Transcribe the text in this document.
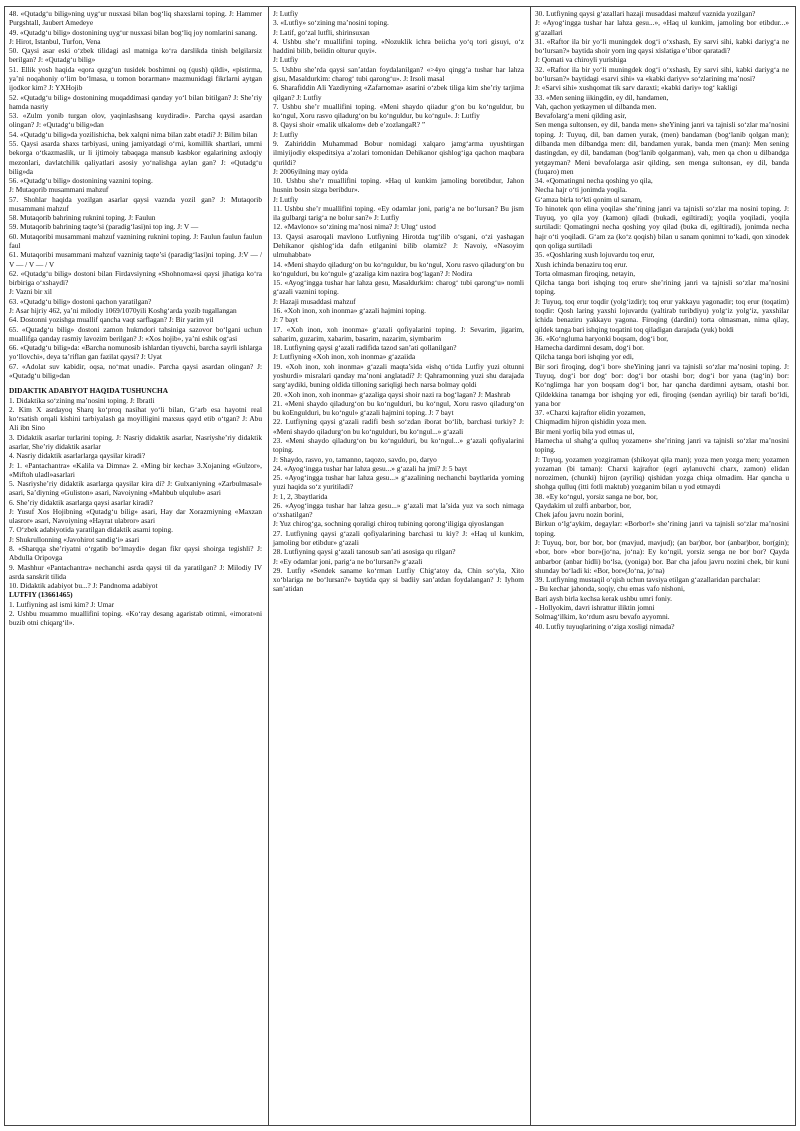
48. «Qutadg‘u bilig»ning uyg‘ur nusxasi bilan bog‘liq shaxslarni toping. J: Hammer Purgshtall, Jaubert Amedeye

49. «Qutadg‘u bilig» dostonining uyg‘ur nusxasi bilan bog‘liq joy nomlarini sanang.

J: Hirot, Istanbul, Turfon, Vena

50. Qaysi asar eski o‘zbek tilidagi asl matniga ko‘ra darslikda tinish belgilarsiz berilgan? J: «Qutadg‘u bilig»

51. Ellik yosh haqida «qora quzg‘un tusidek boshimni oq (qush) qildi», «pistirma, ya’ni noqahoniy o‘lim bo‘lmasa, u tomon borarman» mazmunidagi fikrlarni aytgan ijodkor kim? J: YXHojib

52. «Qutadg‘u bilig» dostonining muqaddimasi qanday yo‘l bilan bitilgan? J: She’riy hamda nasriy

53. «Zulm yonib turgan olov, yaqinlashsang kuydiradi». Parcha qaysi asardan olingan? J: «Qutadg‘u bilig»dan

54. «Qutadg‘u bilig»da yozilishicha, bek xalqni nima bilan zabt etadi? J: Bilim bilan

55. Qaysi asarda shaxs tarbiyasi, uning jamiyatdagi o‘rni, komillik shartlari, umrni bekorga o‘tkazmaslik, ur li ijtimoiy tabaqaga mansub kasbkor egalarining axloqiy mezonlari, davlatchilik qaliyatlari asosiy yo‘nalishga aylan gan? J: «Qutadg‘u bilig»da

56. «Qutadg‘u bilig» dostonining vaznini toping.

J: Mutaqorib musammani mahzuf

57. Shohlar haqida yozilgan asarlar qaysi vaznda yozil gan? J: Mutaqorib musammani mahzuf

58. Mutaqorib bahrining ruknini toping. J: Faulun

59. Mutaqorib bahrining taqte’si (paradig‘lasi)ni top ing. J: V —

60. Mutaqoribi musammani mahzuf vaznining ruknini toping. J: Faulun faulun faulun faul

61. Mutaqoribi musammani mahzuf vazninig taqte’si (paradig‘lasi)ni toping. J:V — / V — / V — / V

62. «Qutadg‘u bilig» dostoni bilan Firdavsiyning «Shohnoma»si qaysi jihatiga ko‘ra birbiriga o‘xshaydi?

J: Vazni bir xil

63. «Qutadg‘u bilig» dostoni qachon yaratilgan?

J: Asar hijriy 462, ya’ni milodiy 1069/1070yili Koshg‘arda yozib tugallangan

64. Dostonni yozishga muallif qancha vaqt sarflagan? J: Bir yarim yil

65. «Qutadg‘u bilig» dostoni zamon hukmdori tahsiniga sazovor bo‘lgani uchun muallifga qanday rasmiy lavozim berilgan? J: «Xos hojib», ya’ni eshik og‘asi

66. «Qutadg‘u bilig»da: «Barcha nomunosib ishlardan tiyuvchi, barcha sayrli ishlarga yo‘llovchi», deya ta’riflan gan fazilat qaysi? J: Uyat

67. «Adolat suv kabidir, oqsa, no‘mat unadi». Parcha qaysi asardan olingan? J: «Qutadg‘u bilig»dan

DIDAKTIK ADABIYOT HAQIDA TUSHUNCHA

1. Didaktika so‘zining ma’nosini toping. J: Ibratli

2. Kim X asrdayoq Sharq ko‘proq nasihat yo‘li bilan, G‘arb esa hayotni real ko‘rsatish orqali kishini tarbiyalash ga moyilligini maxsus qayd etib o‘tgan? J: Abu Ali ibn Sino

3. Didaktik asarlar turlarini toping. J: Nasriy didaktik asarlar, Nasriyshe’riy didaktik asarlar, She’riy didaktik asarlar

4. Nasriy didaktik asarlarlarga qaysilar kiradi?

J: 1. «Pantachantra» «Kalila va Dimna» 2. «Ming bir kecha» 3.Xojaning «Gulzor», «Miftoh uladl»asarlari

5. Nasriyshe’riy didaktik asarlarga qaysilar kira di? J: Gulxaniyning «Zarbulmasal» asari, Sa’diyning «Guliston» asari, Navoiyning «Mahbub ulqulub» asari

6. She’riy didaktik asarlarga qaysi asarlar kiradi?

J: Yusuf Xos Hojibning «Qutadg‘u bilig» asari, Hay dar Xorazmiyning «Maxzan ulasror» asari, Navoiyning «Hayrat ulabror» asari

7. O‘zbek adabiyotida yaratilgan didaktik asarni toping.

J: Shukrullonning «Javohirot sandig‘i» asari

8. «Sharqqa she’riyatni o‘rgatib bo‘lmaydi» degan fikr qaysi shoirga tegishli? J: Abdulla Oripovga

9. Mashhur «Pantachantra» nechanchi asrda qaysi til da yaratilgan? J: Milodiy IV asrda sanskrit tilida

10. Didaktik adabiyot bu...? J: Pandnoma adabiyot

LUTFIY (13661465)

1. Lutfiyning asl ismi kim? J: Umar

2. Ushbu muammo muallifini toping. «Ko‘ray desang agaristab otimni, «imorat»ni buzib otni chiqarg‘il».

J: Lutfiy

3. «Lutfiy» so‘zining ma’nosini toping.

J: Latif, go‘zal lutfli, shirinsuxan

4. Ushbu she’r muallifini toping. «Nozuklik ichra beiicha yo‘q tori gisuyi, o‘z haddini bilib, beiidin olturur quyi».

J: Lutfiy

5. Ushbu she’rda qaysi san’atdan foydalanilgan? «>4yo qingg‘a tushar har lahza gisu, Masaldurkim: charog‘ tubi qarong‘u». J: Irsoli masal

6. Sharafiddin Ali Yazdiyning «Zafarnoma» asarini o‘zbek tiliga kim she’riy tarjima qilgan? J: Lutfiy

7. Ushbu she’r muallifini toping. «Meni shaydo qiiadur g‘on bu ko‘nguldur, bu ko‘ngul, Xoru rasvo qiladurg‘on bu ko‘nguldur, bu ko‘ngul». J: Lutfiy

8. Qaysi shoir «malik ulkalom» deb e’zozlangaR? ”

J: Lutfiy

9. Zahiriddin Muhammad Bobur nomidagi xalqaro jamg‘arma uyushtirgan ilmiyijodiy ekspeditsiya a’zolari tomonidan Dehikanor qishlog‘iga qachon maqbara qurildi?

J: 2006yilning may oyida

10. Ushbu she’r muallifini toping. «Haq ul kunkim jamoling boretibdur, Jahon husnin bosin sizga beribdur».

J: Lutfiy

11. Ushbu she’r muallifini toping. «Ey odamlar joni, parig‘a ne bo‘lursan? Bu jism ila gulbargi tarig‘a ne bolur san?» J: Lutfiy

12. «Mavlono» so‘zining ma’nosi nima? J: Ulug‘ ustod

13. Qaysi asaroqali mavlono Lutfiyning Hirotda tug‘ilib o‘sgani, o‘zi yashagan Dehikanor qishlog‘ida dafn etilganini bilib olamiz? J: Navoiy, «Nasoyim ulmuhabbat»

14. «Meni shaydo qiladurg‘on bu ko‘nguldur, bu ko‘ngul, Xoru rasvo qiladurg‘on bu ko‘ngulduri, bu ko‘ngul» g‘azaliga kim nazira bog‘lagan? J: Nodira

15. «Ayog‘ingga tushar har lahza gesu, Masaldurkim: charog‘ tubi qarong‘u» nomli g‘azali vaznini toping.

J: Hazaji musaddasi mahzuf

16. «Xoh inon, xoh inonma» g‘azali hajmini toping.

J: 7 bayt

17. «Xoh inon, xoh inonma» g‘azali qofiyalarini toping. J: Sevarim, jigarim, saharim, guzarim, xabarim, basarim, nazarim, siymbarim

18. Lutfiyning qaysi g‘azali radifida tazod san’ati qollanilgan?

J: Lutfiyning «Xoh inon, xoh inonma» g‘azaiida

19. «Xoh inon, xoh inonma» g‘azali maqta’sida «ishq o‘tida Lutfiy yuzi oltunni yoshurdi» misralari qanday ma’noni anglatadi? J: Qahramonning yuzi shu darajada sarg‘aydiki, buning oldida tilloning sariqligi hech narsa bolmay qoldi

20. «Xoh inon, xoh inonma» g‘azaliga qaysi shoir nazi ra bog‘lagan? J: Mashrab

21. «Meni shaydo qiladurg‘on bu ko‘ngulduri, bu ko‘ngul, Xoru rasvo qiladurg‘on bu koЕngulduri, bu ko‘ngul» g‘azali hajmini toping. J: 7 bayt

22. Lutfiyning qaysi g‘azali radifi besh so‘zdan iborat bo‘lib, barchasi turkiy? J: «Meni shaydo qiladurg‘on bu ko‘ngulduri, bu ko‘ngul...» g‘azali

23. «Meni shaydo qiladurg‘on bu ko‘ngulduri, bu ko‘ngul...» g‘azali qofiyalarini toping.

J: Shaydo, rasvo, yo, tamanno, taqozo, savdo, po, daryo

24. «Ayog‘ingga tushar har lahza gesu...» g‘azali ha jmi? J: 5 bayt

25. «Ayog‘ingga tushar har lahza gesu...» g‘azalining nechanchi baytlarida yorning yuzi haqida so‘z yuritiladi?

J: 1, 2, 3baytlarida

26. «Ayog‘ingga tushar har lahza gesu...» g‘azali mat la’sida yuz va soch nimaga o‘xshatilgan?

J: Yuz chirog‘ga, sochning qoraligi chiroq tubining qorong‘iligiga qiyoslangan

27. Lutfiyning qaysi g‘azali qofiyalarining barchasi tu kiy? J: «Haq ul kunkim, jamoling bor etibdur» g‘azali

28. Lutfiyning qaysi g‘azali tanosub san’ati asosiga qu rilgan?

J: «Ey odamlar joni, parig‘a ne bo‘lursan?» g‘azali

29. Lutfiy «Sendek saname ko‘rman Lutfiy Chig‘atoy da, Chin so‘yla, Xito xo‘blariga ne bo‘lursan?» baytida qay si badiiy san’atdan foydalangan? J: Iyhom san’atidan

30. Lutfiyning qaysi g‘azallari hazaji musaddasi mahzuf vaznida yozilgan?

J: «Ayog‘ingga tushar har lahza gesu...», «Haq ul kunkim, jamoling bor etibdur...» g‘azallari

31. «Raftor ila bir yo‘li muningdek dog‘i o‘xshash, Ey sarvi sihi, kabki dariyg‘a ne bo‘lursan?» baytida shoir yorn ing qaysi xislatiga e’tibor qaratadi?

J: Qomati va chiroyli yurishiga

32. «Raftor ila bir yo‘li muningdek dog‘i o‘xshash, Ey sarvi sihi, kabki dariyg‘a ne bo‘lursan?» baytidagi «sarvi sihi» va «kabki dariyv» so‘zlarining ma’nosi?

J: «Sarvi sihi» xushqomat tik sarv daraxti; «kabki dariy» tog‘ kakligi

33. «Men sening iikingdin, ey dil, handamen,

Vah, qachon yetkaymen ul dilbanda men.

Bevafolarg‘a meni qilding asir,

Sen menga sultonsen, ey dil, banda men» sheYining janri va tajnisli so‘zlar ma’nosini toping. J: Tuyuq, dil, ban damen yurak, (men) bandaman (bog‘lanib qolgan man); dilbanda men dilbandga men: dil, bandamen yurak, banda men (man): Men sening dastingdan, ey dil, bandaman (bog‘lanib qolganman), vah, men qa chon u dilbandga yetgayman? Meni bevafolarga asir qilding, sen menga sultonsan, ey dil, banda (fuqaro) men

34. «Qomatingni necha qoshing yo qila,

Necha hajr o‘ti jonimda yoqila.

G‘amza birla to‘kti qonim ul sanam,

To hinotek qon elina yoqila» she’rining janri va tajnisli so‘zlar ma nosini toping. J: Tuyuq, yo qila yoy (kamon) qiladi (bukadi, egiltiradi); yoqila yoqiladi, yoqila surtiladi: Qomatingni necha qoshing yoy qilad (buka di, egiltiradi), jonimda necha hajr o‘ti yoqiladi. G‘am za (ko‘z qoqish) bilan u sanam qonimni to‘kadi, qon xinodek qon qoliga surtiladi

35. «Qoshlaring xush lojuvardu toq erur,

Xush ichinda benaziru toq erur.

Torta olmasman firoqing, netayin,

Qilcha tanga bori ishqing toq erur» she’rining janri va tajnisli so‘zlar ma’nosini toping.

J: Tuyuq, toq erur toqdir (yolg‘izdir); toq erur yakkayu yagonadir; toq erur (toqatim) toqdir: Qosh laring yaxshi lojuvardu (yaltirab turibdiyu) yolg‘iz yolg‘iz, yaxshilar ichida benaziru yakkayu yagona. Firoqing (dardini) torta olmasman, nima qilay, qildek tanga bari ishqing toqatini toq qiladigan darajada (yuk) boldi

36. «Ko‘ngluma haryonki boqsam, dog‘i bor,

Hamecha dardimni desam, dog‘i bor.

Qilcha tanga bori ishqing yor edi,

Bir sori firoqing, dog‘i bor» sheYining janri va tajnisli so‘zlar ma’nosini toping. J: Tuyuq, dog‘i bor dog‘ bor: dog‘i bor otashi bor; dog‘i bor yana (tag‘in) bor: Ko‘nglimga har yon boqsam dog‘i bor, har qancha dardimni aytsam, otashi bor. Qildekkina tanamga bor ishqing yor edi, firoqing (sendan ayriliq) bir tarafi bo‘ldi, yana bor

37. «Charxi kajraftor elidin yozamen,

Chiqmadim hijron qishidin yoza men.

Bir meni yorliq bila yod etmas ul,

Hamecha ul shahg‘a qulluq yozamen» she’rining janri va tajnisli so‘zlar ma’nosini toping.

J: Tuyuq, yozamen yozgiraman (shikoyat qila man); yoza men yozga men; yozamen yozaman (bi taman): Charxi kajraftor (egri aylanuvchi charx, zamon) elidan norozimen, (chunki) hijron (ayriliq) qishidan yozga chiqa olmadim. Har qancha u shohga qulluq (itti fotli maktub) yozganim bilan u yod etmaydi

38. «Ey ko‘ngul, yorsiz sanga ne bor, bor,

Qaydakim ul zulfi anbarbor, bor,

Chek jafou javru nozin borini,

Birkun o‘lg‘aykim, degaylar: «Borbor!» she’rining janri va tajnisli so‘zlar ma’nosini toping.

J: Tuyuq, bor, bor bor, bor (mavjud, mavjud); (an bar)bor, bor (anbar)bor, bor(gin); «bor, bor» «bor bor»(jo‘na, jo‘na): Ey ko‘ngil, yorsiz senga ne bor bor? Qayda anbarbor (anbar hidli) bo‘lsa, (yoniga) bor. Bar cha jafou javru nozini chek, bir kuni shunday bo‘ladi ki: «Bor, bor»(Jo‘na, jo‘na)

39. Lutfiyning mustaqil o‘qish uchun tavsiya etilgan g‘azallaridan parchalar:

- Bu kechar jahonda, soqiy, chu emas vafo nishoni,

Bari aysh birla kechsa kerak ushbu umri foniy.

- Hollyokim, davri ishrattur iliktin jomni

Solmag‘ilkim, ko‘rdum asru bevafo ayyomni.

40. Lutfiy tuyuqlarining o‘ziga xosligi nimada?
